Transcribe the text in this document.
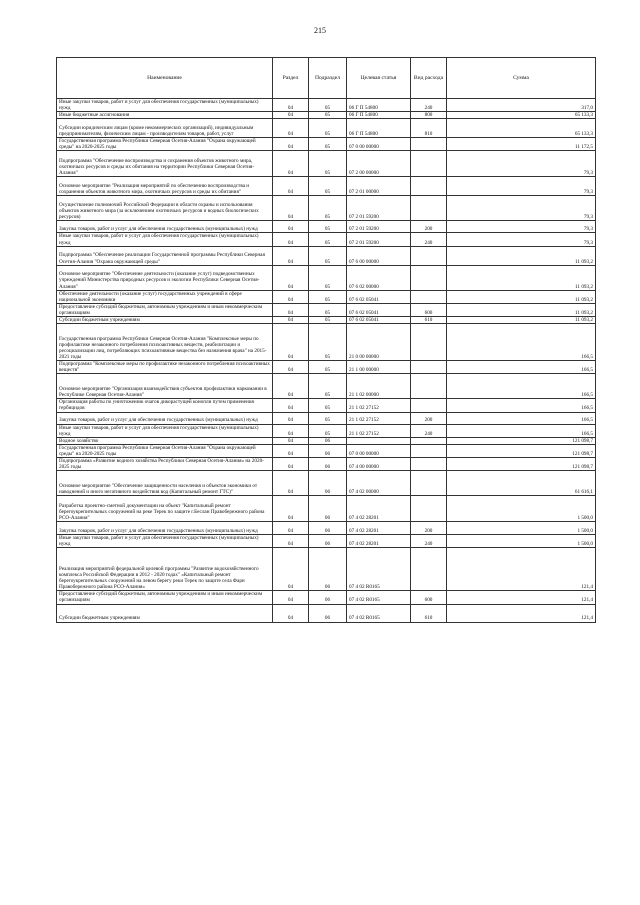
215
Наименование	Раздел	Подраздел	Целевая статья	Вид расхода	Сумма
Иные закупки товаров, работ и услуг для обеспечения государственных (муниципальных) нужд	04	05	06 Г П 54800	240	317,0
Иные бюджетные ассигнования	04	05	06 Г П 54800	800	65 133,3
Субсидии юридическим лицам (кроме некоммерческих организаций), индивидуальным предпринимателям, физическим лицам - производителям товаров, работ, услуг	04	05	06 Г П 54800	810	65 133,3
Государственная программа Республики Северная Осетия-Алания "Охрана окружающей среды" на 2020-2025 годы	04	05	07 0 00 00000		11 172,5
Подпрограмма "Обеспечение воспроизводства и сохранения объектов животного мира, охотничьих ресурсов и среды их обитания на территории Республики Северная Осетия-Алания"	04	05	07 2 00 00000		79,3
Основное мероприятие "Реализация мероприятий по обеспечению воспроизводства и сохранения объектов животного мира, охотничьих ресурсов и среды их обитания"	04	05	07 2 01 00000		79,3
Осуществление полномочий Российской Федерации в области охраны и использования объектов животного мира (за исключением охотничьих ресурсов и водных биологических ресурсов)	04	05	07 2 01 59200		79,3
Закупка товаров, работ и услуг для обеспечения государственных (муниципальных) нужд	04	05	07 2 01 59200	200	79,3
Иные закупки товаров, работ и услуг для обеспечения государственных (муниципальных) нужд	04	05	07 2 01 59200	240	79,3
Подпрограмма "Обеспечение реализации Государственной программы Республики Северная Осетия-Алания "Охрана окружающей среды"	04	05	07 6 00 00000		11 093,2
Основное мероприятие "Обеспечение деятельности (оказание услуг) подведомственных учреждений Министерства природных ресурсов и экологии Республики Северная Осетия-Алания"	04	05	07 6 02 00000		11 093,2
Обеспечение деятельности (оказание услуг) государственных учреждений в сфере национальной экономики	04	05	07 6 02 05041		11 093,2
Предоставление субсидий бюджетным, автономным учреждениям и иным некоммерческим организациям	04	05	07 6 02 05041	600	11 093,2
Субсидии бюджетным учреждениям	04	05	07 6 02 05041	610	11 093,2
Государственная программа Республики Северная Осетия-Алания "Комплексные меры по профилактике незаконного потребления психоактивных веществ, реабилитации и ресоциализации лиц, потребляющих психоактивные вещества без назначения врача" на 2015-2021 годы	04	05	21 0 00 00000		166,5
Подпрограмма "Комплексные меры по профилактике незаконного потребления психоактивных веществ"	04	05	21 1 00 00000		166,5
Основное мероприятие "Организация взаимодействия субъектов профилактики наркомании в Республике Северная Осетия-Алания"	04	05	21 1 02 00000		166,5
Организация работы по уничтожению очагов дикорастущей конопли путем применения гербицидов	04	05	21 1 02 27152		166,5
Закупка товаров, работ и услуг для обеспечения государственных (муниципальных) нужд	04	05	21 1 02 27152	200	166,5
Иные закупки товаров, работ и услуг для обеспечения государственных (муниципальных) нужд	04	05	21 1 02 27152	240	166,5
Водное хозяйство	04	06			121 098,7
Государственная программа Республики Северная Осетия-Алания "Охрана окружающей среды" на 2020-2025 годы	04	06	07 0 00 00000		121 098,7
Подпрограмма «Развитие водного хозяйства Республики Северная Осетия-Алания» на 2020-2025 годы	04	06	07 4 00 00000		121 098,7
Основное мероприятие "Обеспечение защищенности населения и объектов экономики от наводнений и иного негативного воздействия вод (Капитальный ремонт ГТС)"	04	06	07 4 02 00000		61 616,1
Разработка проектно-сметной документации на объект "Капитальный ремонт берегоукрепительных сооружений на реке Терек по защите г.Беслан Правобережного района РСО-Алания"	04	06	07 4 02 28201		1 500,0
Закупка товаров, работ и услуг для обеспечения государственных (муниципальных) нужд	04	06	07 4 02 28201	200	1 500,0
Иные закупки товаров, работ и услуг для обеспечения государственных (муниципальных) нужд	04	06	07 4 02 28201	240	1 500,0
Реализация мероприятий федеральной целевой программы "Развитие водохозяйственного комплекса Российской Федерации в 2012 - 2020 годах" «Капитальный ремонт берегоукрепительных сооружений на левом берегу реки Терек по защите села Фарн Правобережного района РСО-Алания»	04	06	07 4 02 R0165		121,4
Предоставление субсидий бюджетным, автономным учреждениям и иным некоммерческим организациям	04	06	07 4 02 R0165	600	121,4
Субсидии бюджетным учреждениям	04	06	07 4 02 R0165	610	121,4
